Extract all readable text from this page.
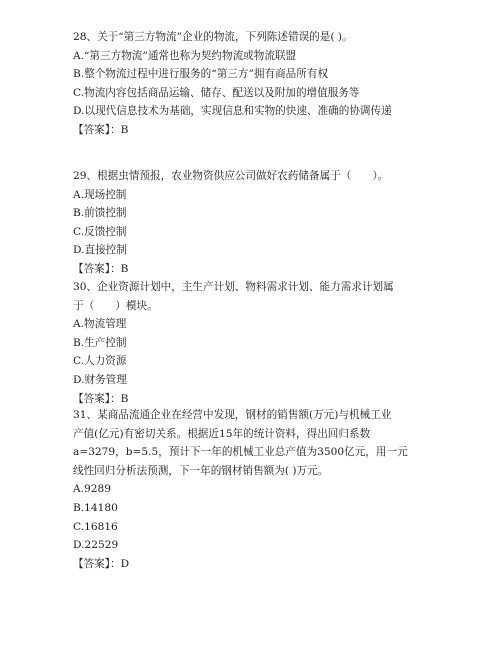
28、关于“第三方物流”企业的物流，下列陈述错误的是( )。

A.“第三方物流”通常也称为契约物流或物流联盟

B.整个物流过程中进行服务的“第三方”拥有商品所有权

C.物流内容包括商品运输、储存、配送以及附加的增值服务等

D.以现代信息技术为基础，实现信息和实物的快速、准确的协调传递

【答案】：B

29、根据虫情预报，农业物资供应公司做好农药储备属于（　　）。

A.现场控制

B.前馈控制

C.反馈控制

D.直接控制

【答案】：B

30、企业资源计划中，主生产计划、物料需求计划、能力需求计划属

于（　　）模块。

A.物流管理

B.生产控制

C.人力资源

D.财务管理

【答案】：B

31、某商品流通企业在经营中发现，钢材的销售额(万元)与机械工业

产值(亿元)有密切关系。根据近15年的统计资料，得出回归系数

a=3279，b=5.5，预计下一年的机械工业总产值为3500亿元，用一元

线性回归分析法预测，下一年的钢材销售额为( )万元。

A.9289

B.14180

C.16816

D.22529

【答案】：D
